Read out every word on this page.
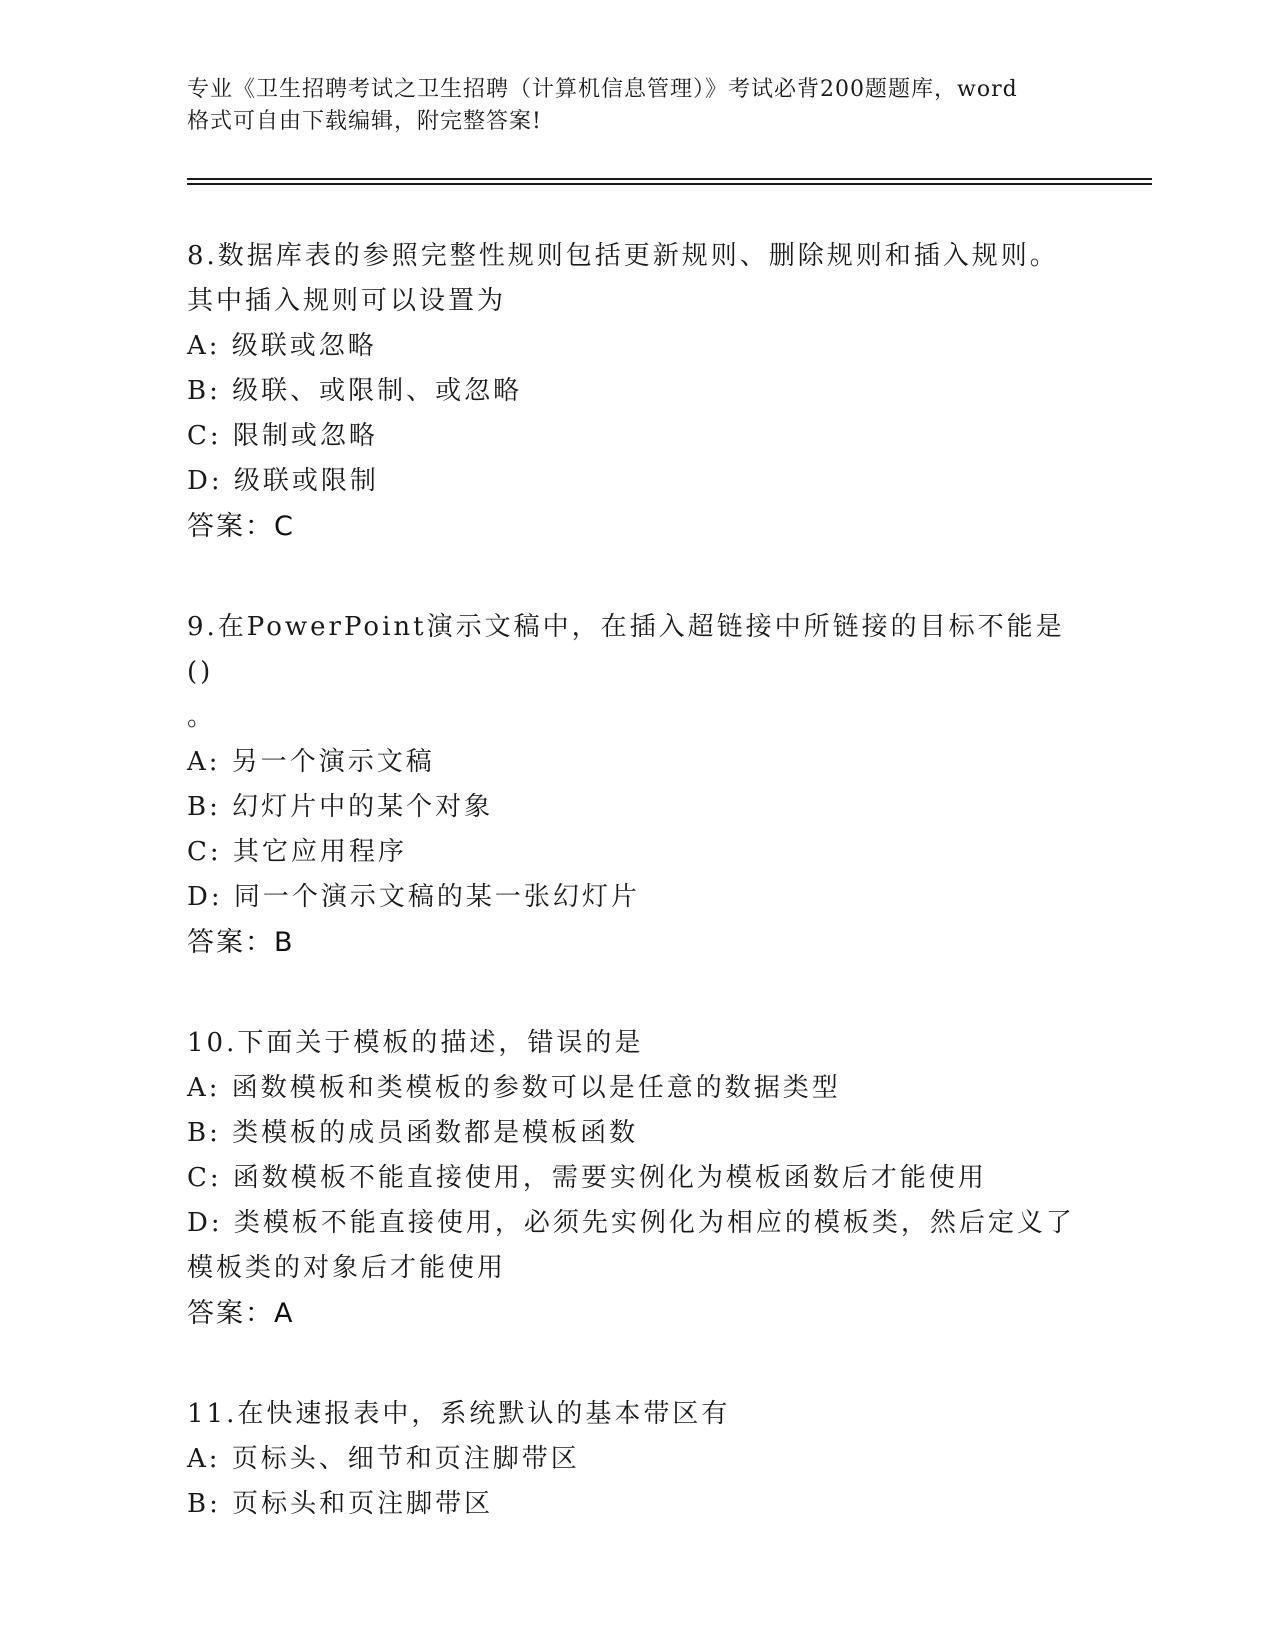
专业《卫生招聘考试之卫生招聘（计算机信息管理）》考试必背200题题库，word
格式可自由下载编辑，附完整答案!
8.数据库表的参照完整性规则包括更新规则、删除规则和插入规则。
其中插入规则可以设置为
A: 级联或忽略
B: 级联、或限制、或忽略
C: 限制或忽略
D: 级联或限制
答案：C
9.在PowerPoint演示文稿中，在插入超链接中所链接的目标不能是()
。
A: 另一个演示文稿
B: 幻灯片中的某个对象
C: 其它应用程序
D: 同一个演示文稿的某一张幻灯片
答案：B
10.下面关于模板的描述，错误的是
A: 函数模板和类模板的参数可以是任意的数据类型
B: 类模板的成员函数都是模板函数
C: 函数模板不能直接使用，需要实例化为模板函数后才能使用
D: 类模板不能直接使用，必须先实例化为相应的模板类，然后定义了
模板类的对象后才能使用
答案：A
11.在快速报表中，系统默认的基本带区有
A: 页标头、细节和页注脚带区
B: 页标头和页注脚带区
